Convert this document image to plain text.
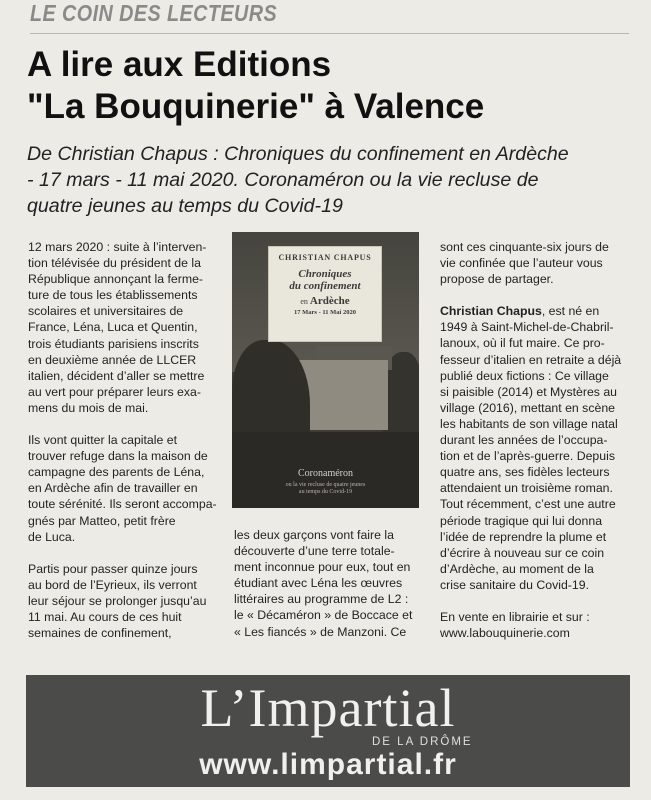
LE COIN DES LECTEURS
A lire aux Editions
"La Bouquinerie" à Valence
De Christian Chapus : Chroniques du confinement en Ardèche
- 17 mars - 11 mai 2020. Coronaméron ou la vie recluse de
quatre jeunes au temps du Covid-19
12 mars 2020 : suite à l’interven-
tion télévisée du président de la
République annonçant la ferme-
ture de tous les établissements
scolaires et universitaires de
France, Léna, Luca et Quentin,
trois étudiants parisiens inscrits
en deuxième année de LLCER
italien, décident d’aller se mettre
au vert pour préparer leurs exa-
mens du mois de mai.
Ils vont quitter la capitale et
trouver refuge dans la maison de
campagne des parents de Léna,
en Ardèche afin de travailler en
toute sérénité. Ils seront accompa-
gnés par Matteo, petit frère
de Luca.
Partis pour passer quinze jours
au bord de l’Eyrieux, ils verront
leur séjour se prolonger jusqu’au
11 mai. Au cours de ces huit
semaines de confinement,
CHRISTIAN CHAPUS
Chroniques
du confinement
en Ardèche
17 Mars - 11 Mai 2020
Coronaméron
ou la vie recluse de quatre jeunes
au temps du Covid-19
les deux garçons vont faire la
découverte d’une terre totale-
ment inconnue pour eux, tout en
étudiant avec Léna les œuvres
littéraires au programme de L2 :
le « Décaméron » de Boccace et
« Les fiancés » de Manzoni. Ce
sont ces cinquante-six jours de
vie confinée que l’auteur vous
propose de partager.
Christian Chapus, est né en
1949 à Saint-Michel-de-Chabril-
lanoux, où il fut maire. Ce pro-
fesseur d’italien en retraite a déjà
publié deux fictions : Ce village
si paisible (2014) et Mystères au
village (2016), mettant en scène
les habitants de son village natal
durant les années de l’occupa-
tion et de l’après-guerre. Depuis
quatre ans, ses fidèles lecteurs
attendaient un troisième roman.
Tout récemment, c’est une autre
période tragique qui lui donna
l’idée de reprendre la plume et
d’écrire à nouveau sur ce coin
d’Ardèche, au moment de la
crise sanitaire du Covid-19.
En vente en librairie et sur :
www.labouquinerie.com
L’Impartial
DE LA DRÔME
www.limpartial.fr
